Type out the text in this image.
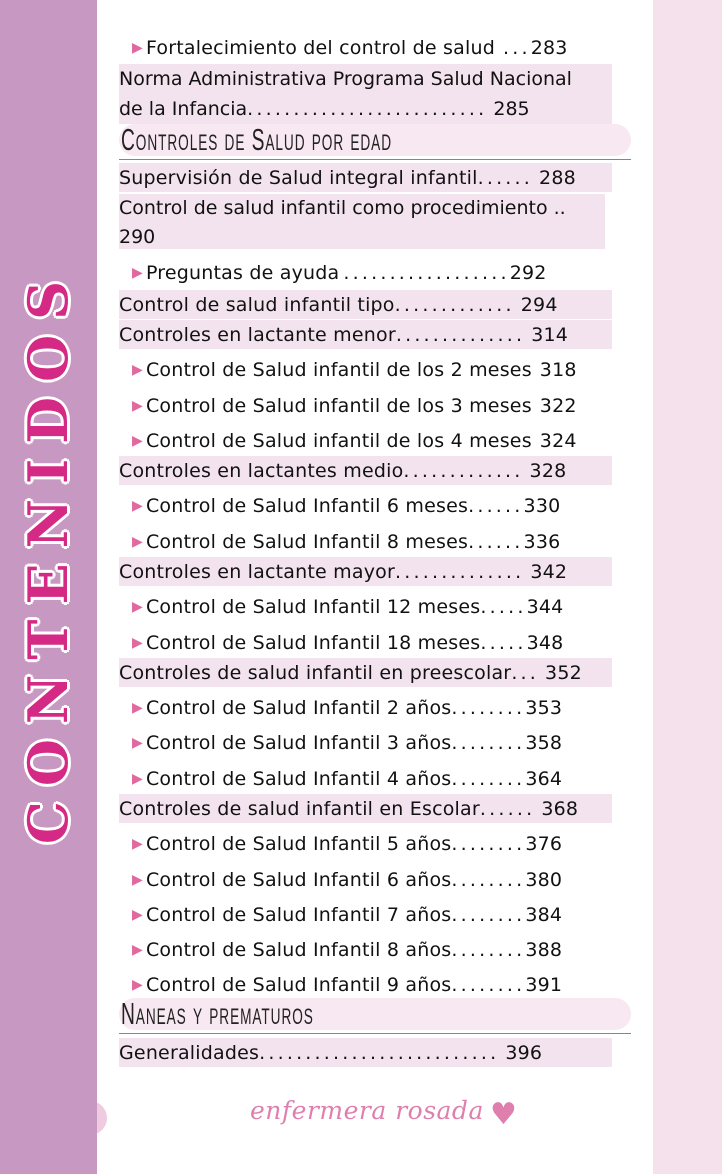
CONTENIDOS
▶ Fortalecimiento del control de salud ... 283
Norma Administrativa Programa Salud Nacional
de la Infancia .......................... 285
Controles de Salud por edad
Supervisión de Salud integral infantil ...... 288
Control de salud infantil como procedimiento ..
290
▶ Preguntas de ayuda .................. 292
Control de salud infantil tipo ............. 294
Controles en lactante menor .............. 314
▶ Control de Salud infantil de los 2 meses 318
▶ Control de Salud infantil de los 3 meses 322
▶ Control de Salud infantil de los 4 meses 324
Controles en lactantes medio ............. 328
▶ Control de Salud Infantil 6 meses ...... 330
▶ Control de Salud Infantil 8 meses ...... 336
Controles en lactante mayor .............. 342
▶ Control de Salud Infantil 12 meses ..... 344
▶ Control de Salud Infantil 18 meses ..... 348
Controles de salud infantil en preescolar ... 352
▶ Control de Salud Infantil 2 años ........ 353
▶ Control de Salud Infantil 3 años ........ 358
▶ Control de Salud Infantil 4 años ........ 364
Controles de salud infantil en Escolar ...... 368
▶ Control de Salud Infantil 5 años ........ 376
▶ Control de Salud Infantil 6 años ........ 380
▶ Control de Salud Infantil 7 años ........ 384
▶ Control de Salud Infantil 8 años ........ 388
▶ Control de Salud Infantil 9 años ........ 391
Naneas y prematuros
Generalidades .......................... 396
enfermera rosada ♥
